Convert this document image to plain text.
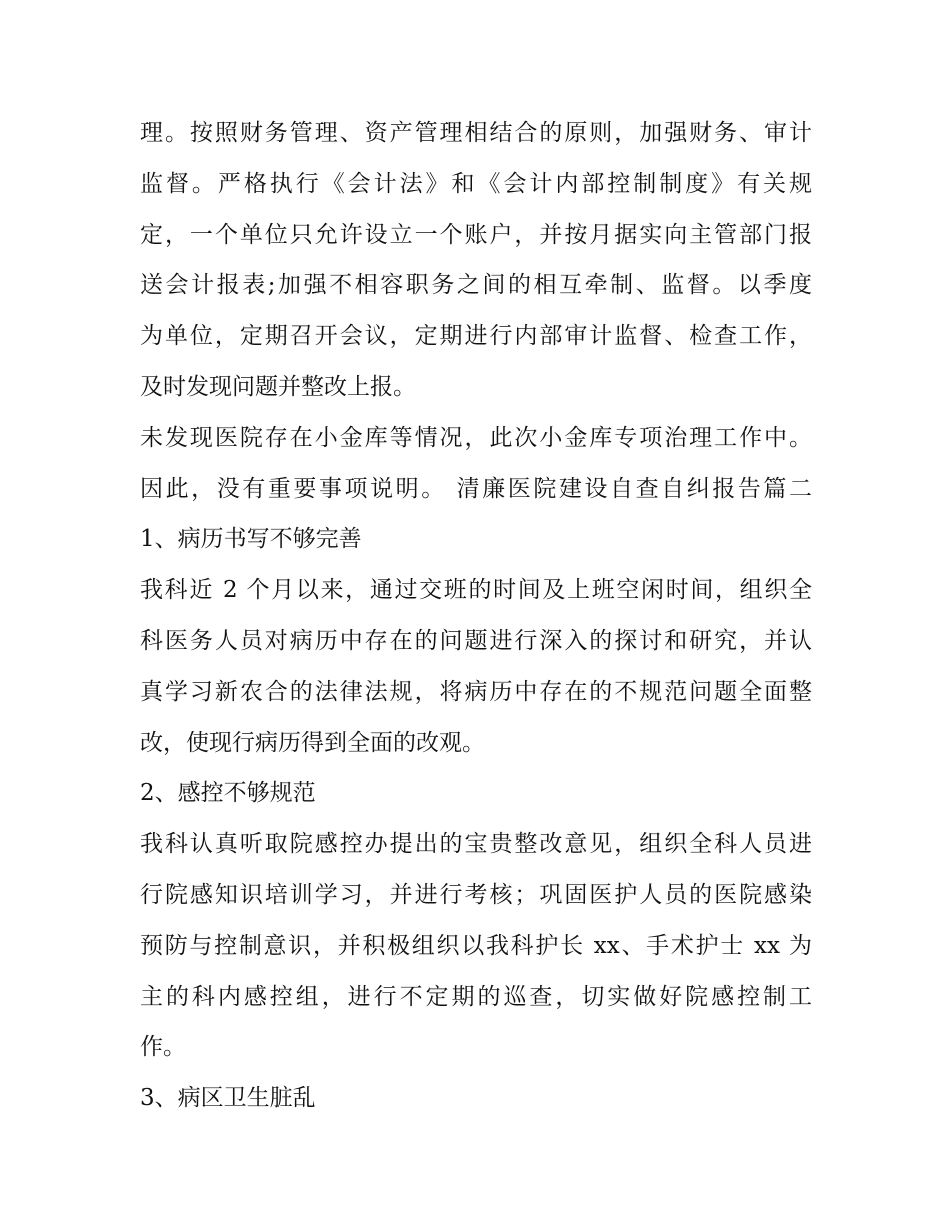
理。按照财务管理、资产管理相结合的原则，加强财务、审计

监督。严格执行《会计法》和《会计内部控制制度》有关规

定，一个单位只允许设立一个账户，并按月据实向主管部门报

送会计报表;加强不相容职务之间的相互牵制、监督。以季度

为单位，定期召开会议，定期进行内部审计监督、检查工作，

及时发现问题并整改上报。

未发现医院存在小金库等情况，此次小金库专项治理工作中。

因此，没有重要事项说明。 清廉医院建设自查自纠报告篇二

1、病历书写不够完善

我科近 2 个月以来，通过交班的时间及上班空闲时间，组织全

科医务人员对病历中存在的问题进行深入的探讨和研究，并认

真学习新农合的法律法规，将病历中存在的不规范问题全面整

改，使现行病历得到全面的改观。

2、感控不够规范

我科认真听取院感控办提出的宝贵整改意见，组织全科人员进

行院感知识培训学习，并进行考核；巩固医护人员的医院感染

预防与控制意识，并积极组织以我科护长 xx、手术护士 xx 为

主的科内感控组，进行不定期的巡查，切实做好院感控制工

作。

3、病区卫生脏乱
